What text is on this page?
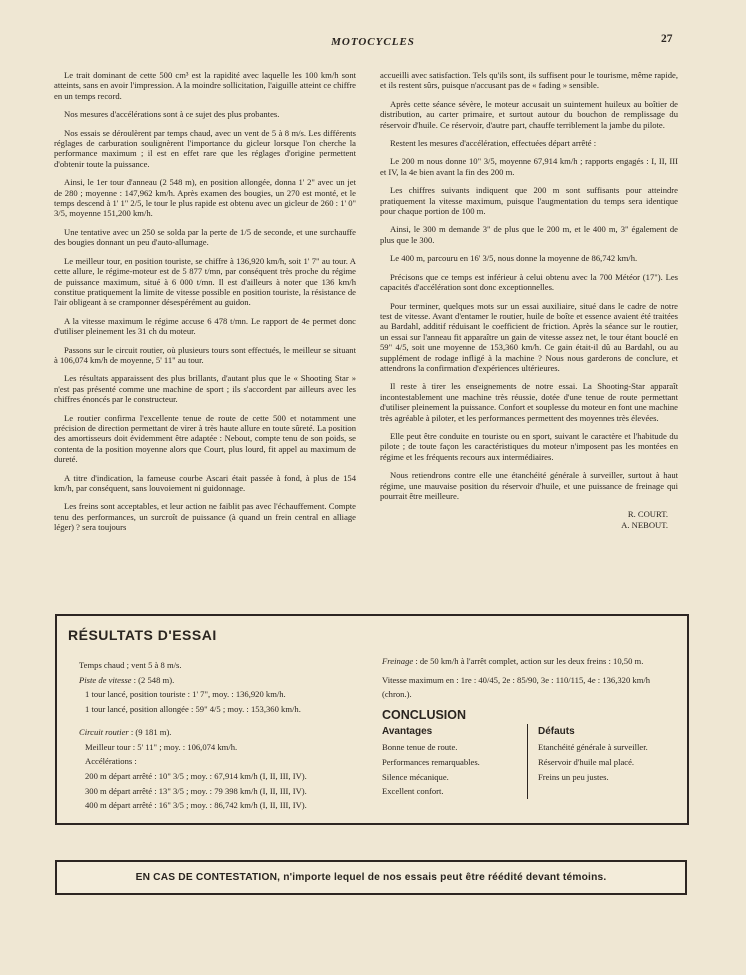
MOTOCYCLES	27

Le trait dominant de cette 500 cm³ est la rapidité avec laquelle les 100 km/h sont atteints, sans en avoir l'impression. A la moindre sollicitation, l'aiguille atteint ce chiffre en un temps record.

Nos mesures d'accélérations sont à ce sujet des plus probantes.

Nos essais se déroulèrent par temps chaud, avec un vent de 5 à 8 m/s. Les différents réglages de carburation soulignèrent l'importance du gicleur lorsque l'on cherche la performance maximum ; il est en effet rare que les réglages d'origine permettent d'obtenir toute la puissance.

Ainsi, le 1er tour d'anneau (2 548 m), en position allongée, donna 1' 2" avec un jet de 280 ; moyenne : 147,962 km/h. Après examen des bougies, un 270 est monté, et le temps descend à 1' 1" 2/5, le tour le plus rapide est obtenu avec un gicleur de 260 : 1' 0" 3/5, moyenne 151,200 km/h.

Une tentative avec un 250 se solda par la perte de 1/5 de seconde, et une surchauffe des bougies donnant un peu d'auto-allumage.

Le meilleur tour, en position touriste, se chiffre à 136,920 km/h, soit 1' 7" au tour. A cette allure, le régime-moteur est de 5 877 t/mn, par conséquent très proche du régime de puissance maximum, situé à 6 000 t/mn. Il est d'ailleurs à noter que 136 km/h constitue pratiquement la limite de vitesse possible en position touriste, la résistance de l'air obligeant à se cramponner désespérément au guidon.

A la vitesse maximum le régime accuse 6 478 t/mn. Le rapport de 4e permet donc d'utiliser pleinement les 31 ch du moteur.

Passons sur le circuit routier, où plusieurs tours sont effectués, le meilleur se situant à 106,074 km/h de moyenne, 5' 11" au tour.

Les résultats apparaissent des plus brillants, d'autant plus que le « Shooting Star » n'est pas présenté comme une machine de sport ; ils s'accordent par ailleurs avec les chiffres énoncés par le constructeur.

Le routier confirma l'excellente tenue de route de cette 500 et notamment une précision de direction permettant de virer à très haute allure en toute sûreté. La position des amortisseurs doit évidemment être adaptée : Nebout, compte tenu de son poids, se contenta de la position moyenne alors que Court, plus lourd, fit appel au maximum de dureté.

A titre d'indication, la fameuse courbe Ascari était passée à fond, à plus de 154 km/h, par conséquent, sans louvoiement ni guidonnage.

Les freins sont acceptables, et leur action ne faiblit pas avec l'échauffement. Compte tenu des performances, un surcroît de puissance (à quand un frein central en alliage léger) ? sera toujours

accueilli avec satisfaction. Tels qu'ils sont, ils suffisent pour le tourisme, même rapide, et ils restent sûrs, puisque n'accusant pas de « fading » sensible.

Après cette séance sévère, le moteur accusait un suintement huileux au boîtier de distribution, au carter primaire, et surtout autour du bouchon de remplissage du réservoir d'huile. Ce réservoir, d'autre part, chauffe terriblement la jambe du pilote.

Restent les mesures d'accélération, effectuées départ arrêté :

Le 200 m nous donne 10" 3/5, moyenne 67,914 km/h ; rapports engagés : I, II, III et IV, la 4e bien avant la fin des 200 m.

Les chiffres suivants indiquent que 200 m sont suffisants pour atteindre pratiquement la vitesse maximum, puisque l'augmentation du temps sera identique pour chaque portion de 100 m.

Ainsi, le 300 m demande 3" de plus que le 200 m, et le 400 m, 3" également de plus que le 300.

Le 400 m, parcouru en 16' 3/5, nous donne la moyenne de 86,742 km/h.

Précisons que ce temps est inférieur à celui obtenu avec la 700 Météor (17"). Les capacités d'accélération sont donc exceptionnelles.

Pour terminer, quelques mots sur un essai auxiliaire, situé dans le cadre de notre test de vitesse. Avant d'entamer le routier, huile de boîte et essence avaient été traitées au Bardahl, additif réduisant le coefficient de friction. Après la séance sur le routier, un essai sur l'anneau fit apparaître un gain de vitesse assez net, le tour étant bouclé en 59" 4/5, soit une moyenne de 153,360 km/h. Ce gain était-il dû au Bardahl, ou au supplément de rodage infligé à la machine ? Nous nous garderons de conclure, et attendrons la confirmation d'expériences ultérieures.

Il reste à tirer les enseignements de notre essai. La Shooting-Star apparaît incontestablement une machine très réussie, dotée d'une tenue de route permettant d'utiliser pleinement la puissance. Confort et souplesse du moteur en font une machine très agréable à piloter, et les performances permettent des moyennes très élevées.

Elle peut être conduite en touriste ou en sport, suivant le caractère et l'habitude du pilote ; de toute façon les caractéristiques du moteur n'imposent pas les montées en régime et les fréquents recours aux intermédiaires.

Nous retiendrons contre elle une étanchéité générale à surveiller, surtout à haut régime, une mauvaise position du réservoir d'huile, et une puissance de freinage qui pourrait être meilleure.

R. COURT.

A. NEBOUT.

RÉSULTATS D'ESSAI
Temps chaud ; vent 5 à 8 m/s.
Piste de vitesse : (2 548 m).
1 tour lancé, position touriste : 1' 7", moy. : 136,920 km/h.
1 tour lancé, position allongée : 59" 4/5 ; moy. : 153,360 km/h.
Circuit routier : (9 181 m).
Meilleur tour : 5' 11" ; moy. : 106,074 km/h.
Accélérations :
200 m départ arrêté : 10" 3/5 ; moy. : 67,914 km/h (I, II, III, IV).
300 m départ arrêté : 13" 3/5 ; moy. : 79 398 km/h (I, II, III, IV).
400 m départ arrêté : 16" 3/5 ; moy. : 86,742 km/h (I, II, III, IV).
Freinage : de 50 km/h à l'arrêt complet, action sur les deux freins : 10,50 m.
Vitesse maximum en : 1re : 40/45, 2e : 85/90, 3e : 110/115, 4e : 136,320 km/h (chron.).
CONCLUSION
Avantages
Bonne tenue de route.
Performances remarquables.
Silence mécanique.
Excellent confort.
Défauts
Etanchéité générale à surveiller.
Réservoir d'huile mal placé.
Freins un peu justes.
EN CAS DE CONTESTATION, n'importe lequel de nos essais peut être réédité devant témoins.
